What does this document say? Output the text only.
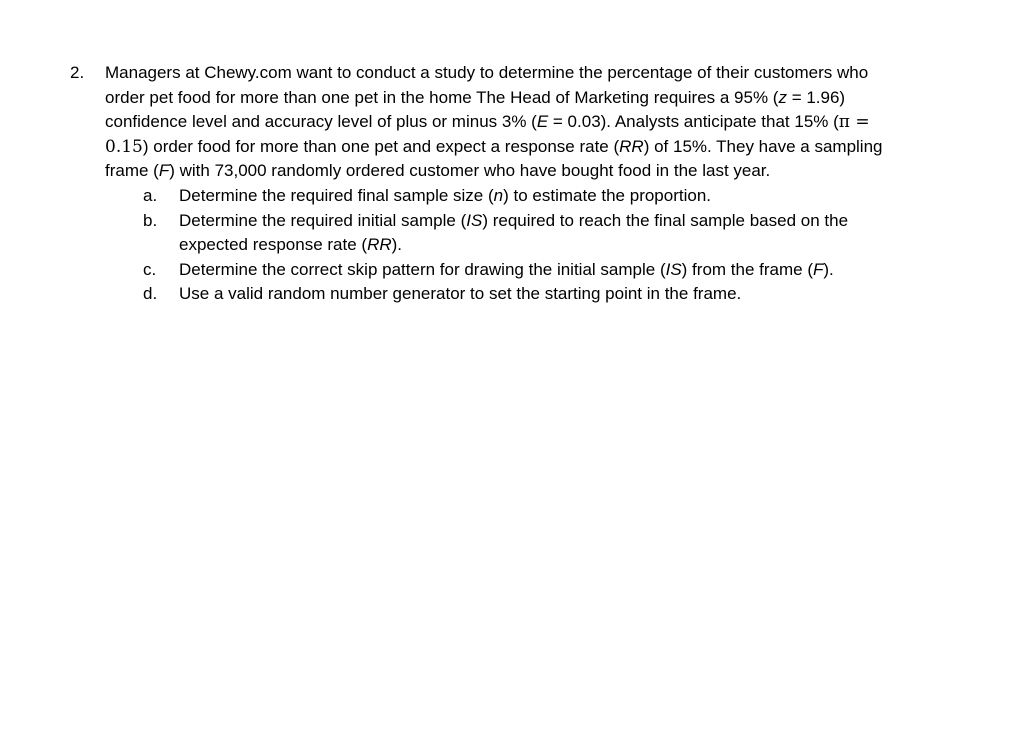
2.	Managers at Chewy.com want to conduct a study to determine the percentage of their customers who order pet food for more than one pet in the home The Head of Marketing requires a 95% (z = 1.96) confidence level and accuracy level of plus or minus 3% (E = 0.03). Analysts anticipate that 15% (π = 0.15) order food for more than one pet and expect a response rate (RR) of 15%. They have a sampling frame (F) with 73,000 randomly ordered customer who have bought food in the last year.

a.	Determine the required final sample size (n) to estimate the proportion.
b.	Determine the required initial sample (IS) required to reach the final sample based on the expected response rate (RR).
c.	Determine the correct skip pattern for drawing the initial sample (IS) from the frame (F).
d.	Use a valid random number generator to set the starting point in the frame.
